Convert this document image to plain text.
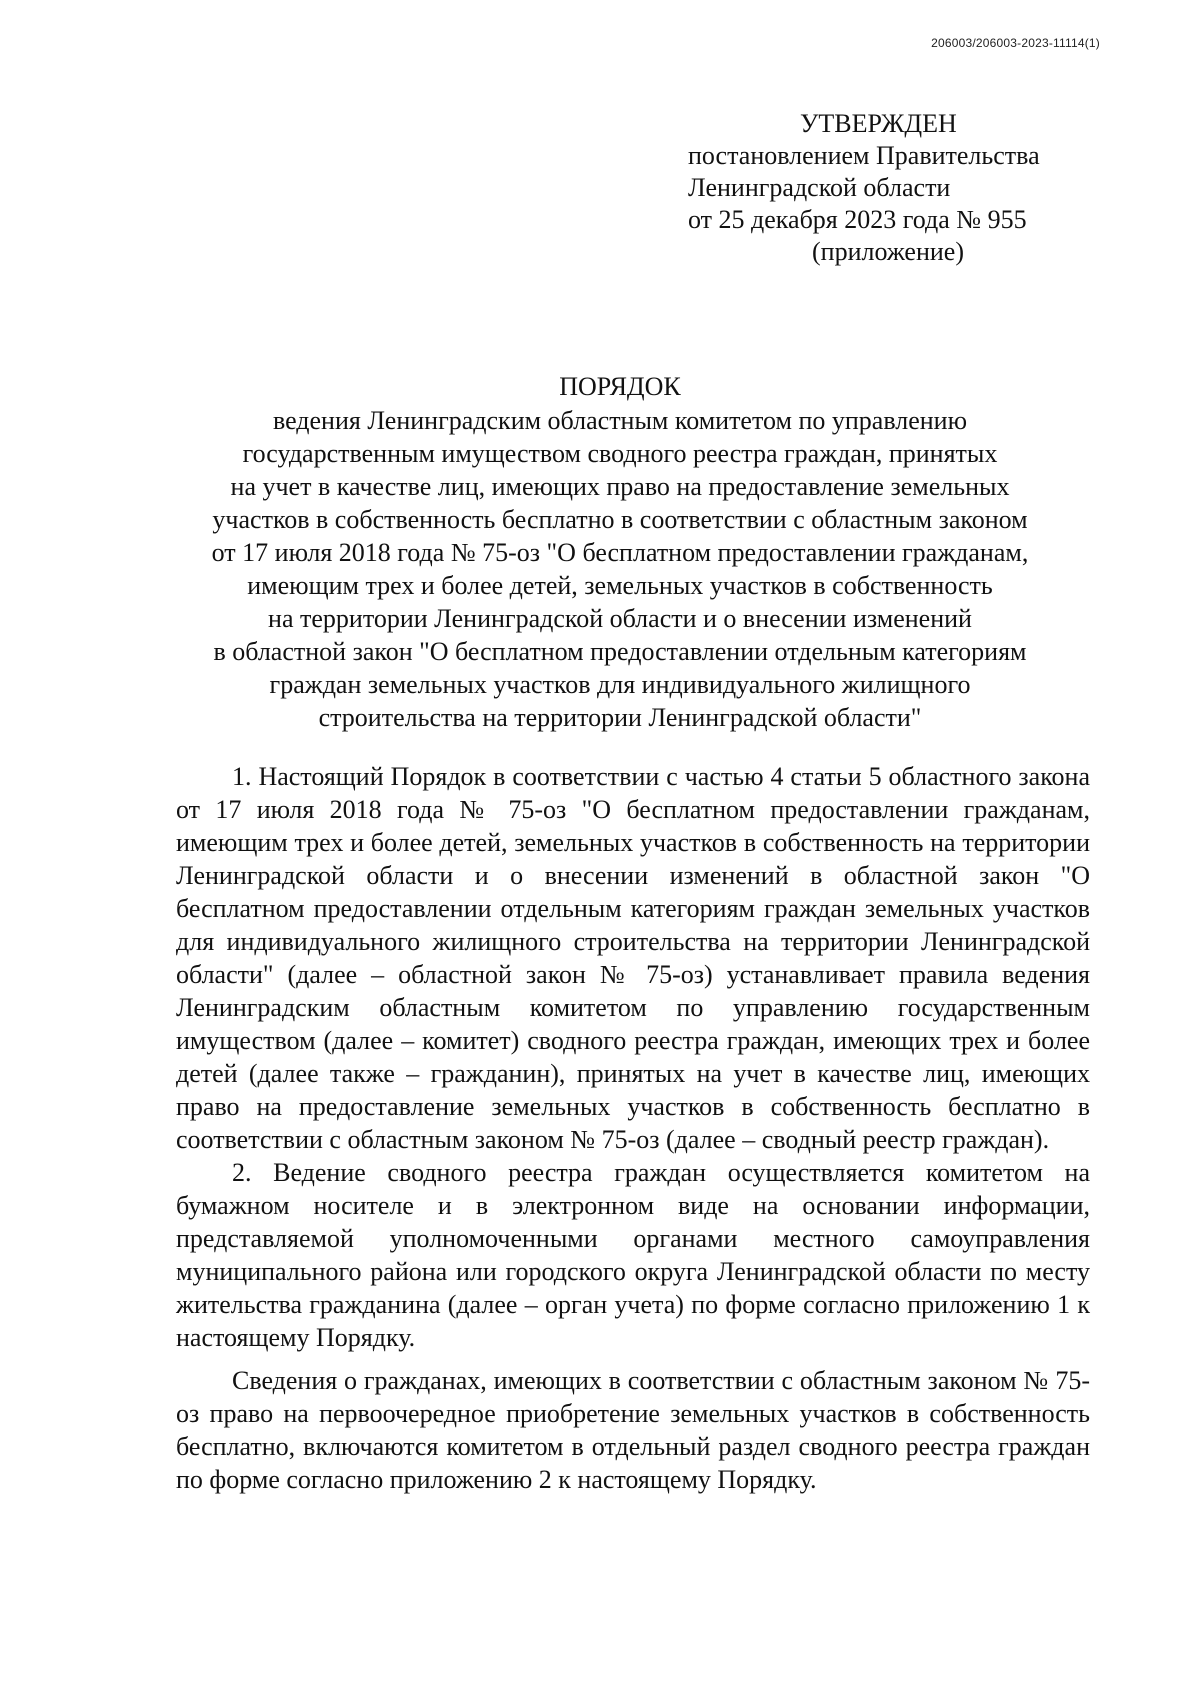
206003/206003-2023-11114(1)
УТВЕРЖДЕН
постановлением Правительства
Ленинградской области
от 25 декабря 2023 года № 955
(приложение)
ПОРЯДОК
ведения Ленинградским областным комитетом по управлению
государственным имуществом сводного реестра граждан, принятых
на учет в качестве лиц, имеющих право на предоставление земельных
участков в собственность бесплатно в соответствии с областным законом
от 17 июля 2018 года № 75-оз "О бесплатном предоставлении гражданам,
имеющим трех и более детей, земельных участков в собственность
на территории Ленинградской области и о внесении изменений
в областной закон "О бесплатном предоставлении отдельным категориям
граждан земельных участков для индивидуального жилищного
строительства на территории Ленинградской области"

1. Настоящий Порядок в соответствии с частью 4 статьи 5 областного закона от 17 июля 2018 года № 75-оз "О бесплатном предоставлении гражданам, имеющим трех и более детей, земельных участков в собственность на территории Ленинградской области и о внесении изменений в областной закон "О бесплатном предоставлении отдельным категориям граждан земельных участков для индивидуального жилищного строительства на территории Ленинградской области" (далее – областной закон № 75-оз) устанавливает правила ведения Ленинградским областным комитетом по управлению государственным имуществом (далее – комитет) сводного реестра граждан, имеющих трех и более детей (далее также – гражданин), принятых на учет в качестве лиц, имеющих право на предоставление земельных участков в собственность бесплатно в соответствии с областным законом № 75-оз (далее – сводный реестр граждан).

2. Ведение сводного реестра граждан осуществляется комитетом на бумажном носителе и в электронном виде на основании информации, представляемой уполномоченными органами местного самоуправления муниципального района или городского округа Ленинградской области по месту жительства гражданина (далее – орган учета) по форме согласно приложению 1 к настоящему Порядку.

Сведения о гражданах, имеющих в соответствии с областным законом № 75-оз право на первоочередное приобретение земельных участков в собственность бесплатно, включаются комитетом в отдельный раздел сводного реестра граждан по форме согласно приложению 2 к настоящему Порядку.
